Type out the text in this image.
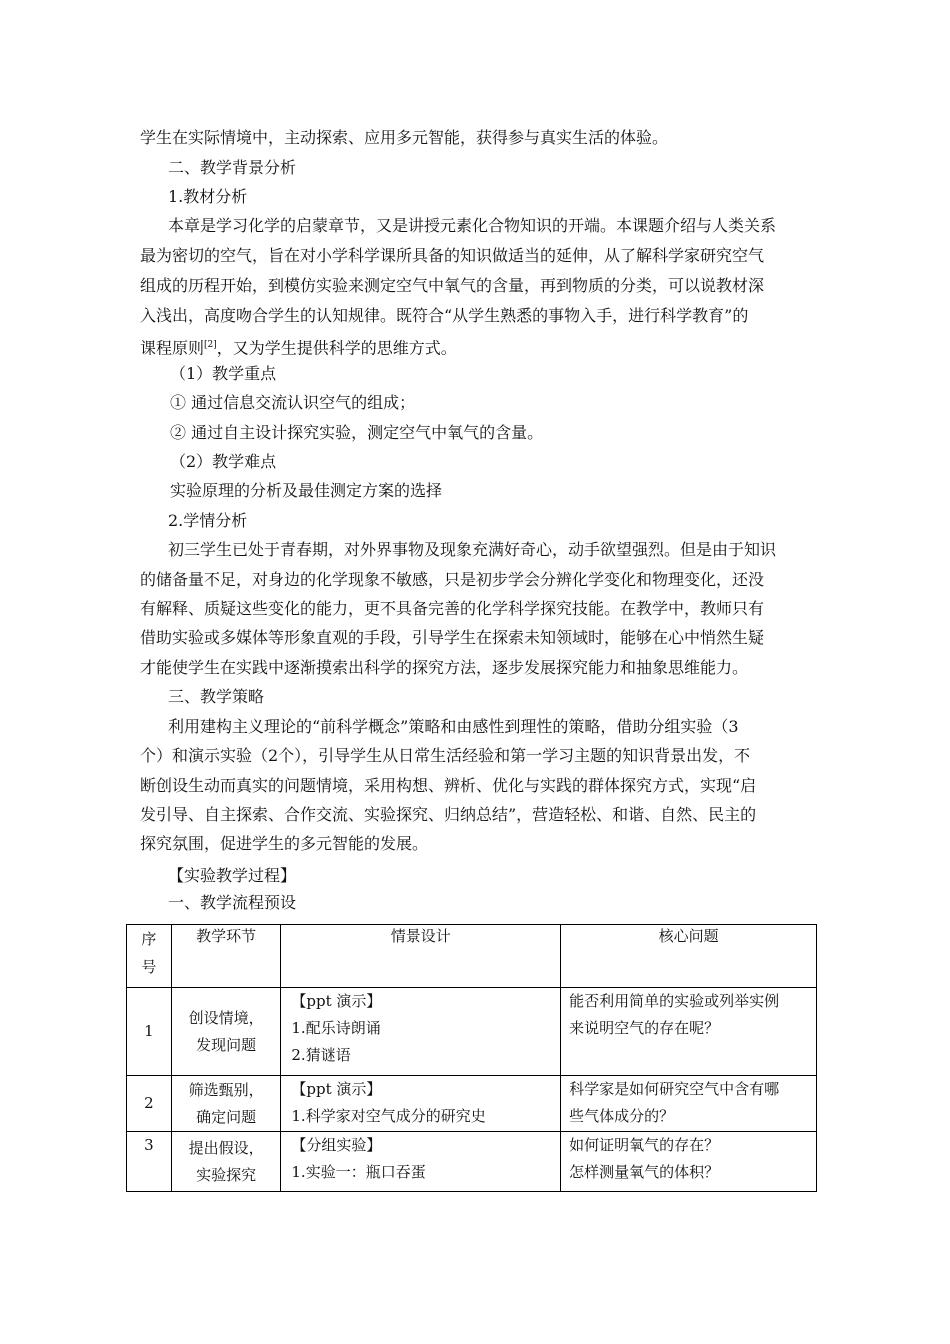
学生在实际情境中，主动探索、应用多元智能，获得参与真实生活的体验。
二、教学背景分析
1.教材分析
本章是学习化学的启蒙章节，又是讲授元素化合物知识的开端。本课题介绍与人类关系
最为密切的空气，旨在对小学科学课所具备的知识做适当的延伸，从了解科学家研究空气
组成的历程开始，到模仿实验来测定空气中氧气的含量，再到物质的分类，可以说教材深
入浅出，高度吻合学生的认知规律。既符合“从学生熟悉的事物入手，进行科学教育”的
课程原则[2]，又为学生提供科学的思维方式。
（1）教学重点
① 通过信息交流认识空气的组成；
② 通过自主设计探究实验，测定空气中氧气的含量。
（2）教学难点
实验原理的分析及最佳测定方案的选择
2.学情分析
初三学生已处于青春期，对外界事物及现象充满好奇心，动手欲望强烈。但是由于知识
的储备量不足，对身边的化学现象不敏感，只是初步学会分辨化学变化和物理变化，还没
有解释、质疑这些变化的能力，更不具备完善的化学科学探究技能。在教学中，教师只有
借助实验或多媒体等形象直观的手段，引导学生在探索未知领域时，能够在心中悄然生疑
才能使学生在实践中逐渐摸索出科学的探究方法，逐步发展探究能力和抽象思维能力。
三、教学策略
利用建构主义理论的“前科学概念”策略和由感性到理性的策略，借助分组实验（3
个）和演示实验（2个），引导学生从日常生活经验和第一学习主题的知识背景出发，不
断创设生动而真实的问题情境，采用构想、辨析、优化与实践的群体探究方式，实现“启
发引导、自主探索、合作交流、实验探究、归纳总结”，营造轻松、和谐、自然、民主的
探究氛围，促进学生的多元智能的发展。
【实验教学过程】
一、教学流程预设
序
号	教学环节	情景设计	核心问题

1	创设情境，
发现问题	【ppt 演示】
1.配乐诗朗诵
2.猜谜语	能否利用简单的实验或列举实例
来说明空气的存在呢？

2	筛选甄别，
确定问题	【ppt 演示】
1.科学家对空气成分的研究史	科学家是如何研究空气中含有哪
些气体成分的？

3	提出假设，
实验探究	【分组实验】
1.实验一：瓶口吞蛋	如何证明氧气的存在？
怎样测量氧气的体积？
